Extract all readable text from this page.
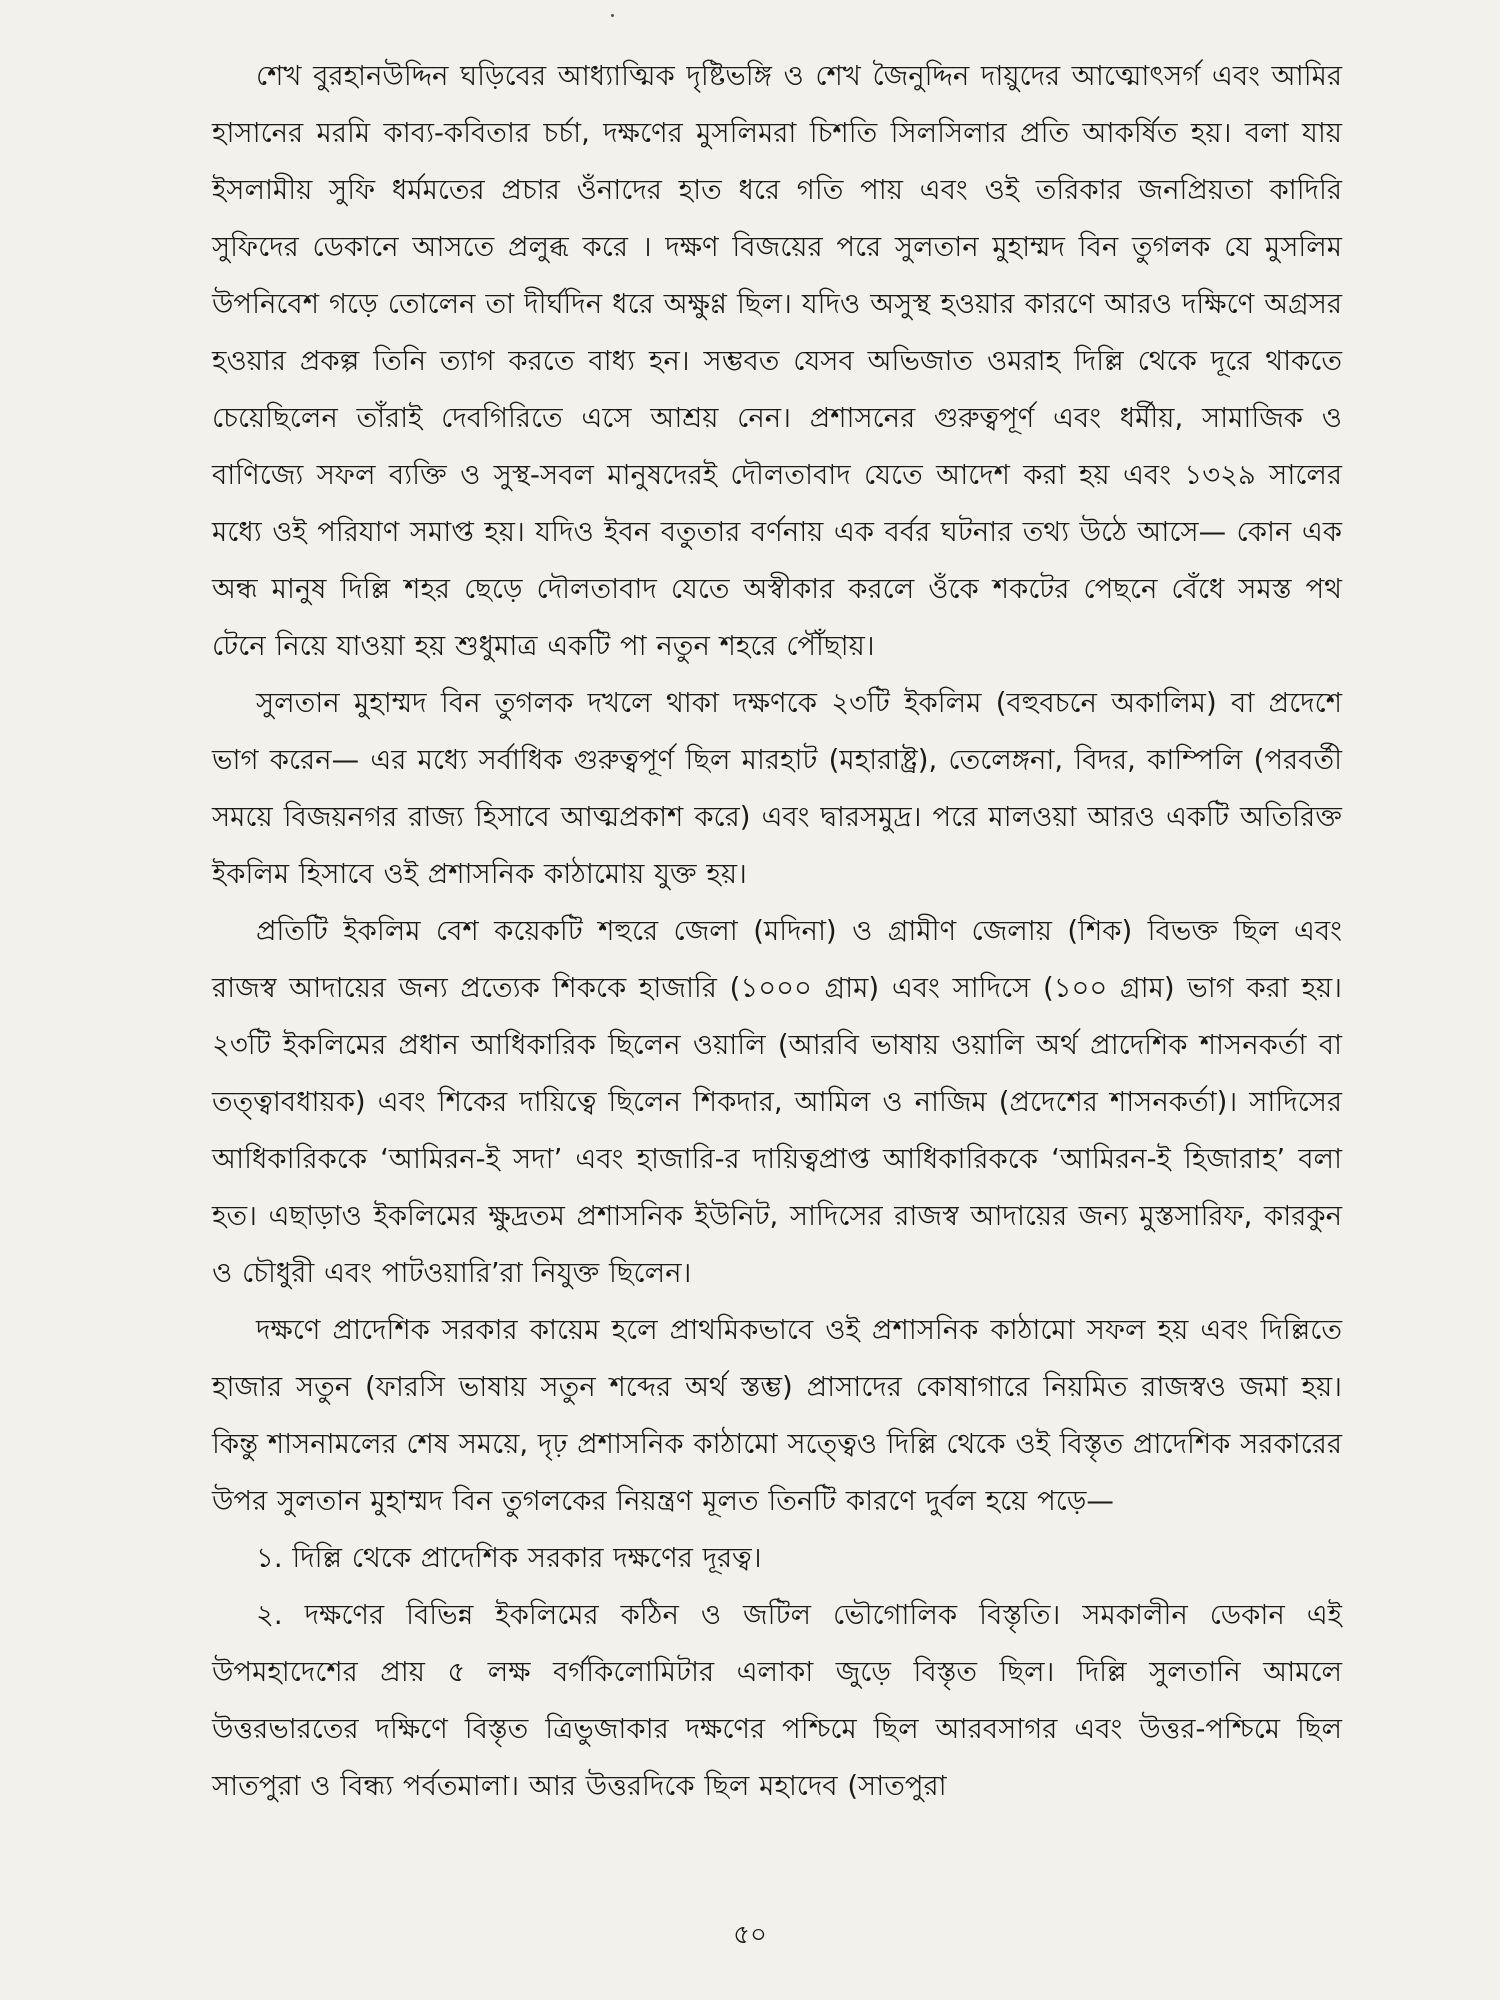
শেখ বুরহানউদ্দিন ঘড়িবের আধ্যাত্মিক দৃষ্টিভঙ্গি ও শেখ জৈনুদ্দিন দায়ুদের আত্মোৎসর্গ এবং আমির হাসানের মরমি কাব্য-কবিতার চর্চা, দক্ষণের মুসলিমরা চিশতি সিলসিলার প্রতি আকর্ষিত হয়। বলা যায় ইসলামীয় সুফি ধর্মমতের প্রচার ওঁনাদের হাত ধরে গতি পায় এবং ওই তরিকার জনপ্রিয়তা কাদিরি সুফিদের ডেকানে আসতে প্রলুব্ধ করে । দক্ষণ বিজয়ের পরে সুলতান মুহাম্মদ বিন তুগলক যে মুসলিম উপনিবেশ গড়ে তোলেন তা দীর্ঘদিন ধরে অক্ষুণ্ণ ছিল। যদিও অসুস্থ হওয়ার কারণে আরও দক্ষিণে অগ্রসর হওয়ার প্রকল্প তিনি ত্যাগ করতে বাধ্য হন। সম্ভবত যেসব অভিজাত ওমরাহ দিল্লি থেকে দূরে থাকতে চেয়েছিলেন তাঁরাই দেবগিরিতে এসে আশ্রয় নেন। প্রশাসনের গুরুত্বপূর্ণ এবং ধর্মীয়, সামাজিক ও বাণিজ্যে সফল ব্যক্তি ও সুস্থ-সবল মানুষদেরই দৌলতাবাদ যেতে আদেশ করা হয় এবং ১৩২৯ সালের মধ্যে ওই পরিযাণ সমাপ্ত হয়। যদিও ইবন বতুতার বর্ণনায় এক বর্বর ঘটনার তথ্য উঠে আসে— কোন এক অন্ধ মানুষ দিল্লি শহর ছেড়ে দৌলতাবাদ যেতে অস্বীকার করলে ওঁকে শকটের পেছনে বেঁধে সমস্ত পথ টেনে নিয়ে যাওয়া হয় শুধুমাত্র একটি পা নতুন শহরে পৌঁছায়।

সুলতান মুহাম্মদ বিন তুগলক দখলে থাকা দক্ষণকে ২৩টি ইকলিম (বহুবচনে অকালিম) বা প্রদেশে ভাগ করেন— এর মধ্যে সর্বাধিক গুরুত্বপূর্ণ ছিল মারহাট (মহারাষ্ট্র), তেলেঙ্গনা, বিদর, কাম্পিলি (পরবর্তী সময়ে বিজয়নগর রাজ্য হিসাবে আত্মপ্রকাশ করে) এবং দ্বারসমুদ্র। পরে মালওয়া আরও একটি অতিরিক্ত ইকলিম হিসাবে ওই প্রশাসনিক কাঠামোয় যুক্ত হয়।

প্রতিটি ইকলিম বেশ কয়েকটি শহুরে জেলা (মদিনা) ও গ্রামীণ জেলায় (শিক) বিভক্ত ছিল এবং রাজস্ব আদায়ের জন্য প্রত্যেক শিককে হাজারি (১০০০ গ্রাম) এবং সাদিসে (১০০ গ্রাম) ভাগ করা হয়। ২৩টি ইকলিমের প্রধান আধিকারিক ছিলেন ওয়ালি (আরবি ভাষায় ওয়ালি অর্থ প্রাদেশিক শাসনকর্তা বা তত্ত্বাবধায়ক) এবং শিকের দায়িত্বে ছিলেন শিকদার, আমিল ও নাজিম (প্রদেশের শাসনকর্তা)। সাদিসের আধিকারিককে ‘আমিরন-ই সদা’ এবং হাজারি-র দায়িত্বপ্রাপ্ত আধিকারিককে ‘আমিরন-ই হিজারাহ’ বলা হত। এছাড়াও ইকলিমের ক্ষুদ্রতম প্রশাসনিক ইউনিট, সাদিসের রাজস্ব আদায়ের জন্য মুস্তসারিফ, কারকুন ও চৌধুরী এবং পাটওয়ারি’রা নিযুক্ত ছিলেন।

দক্ষণে প্রাদেশিক সরকার কায়েম হলে প্রাথমিকভাবে ওই প্রশাসনিক কাঠামো সফল হয় এবং দিল্লিতে হাজার সতুন (ফারসি ভাষায় সতুন শব্দের অর্থ স্তম্ভ) প্রাসাদের কোষাগারে নিয়মিত রাজস্বও জমা হয়। কিন্তু শাসনামলের শেষ সময়ে, দৃঢ় প্রশাসনিক কাঠামো সত্ত্বেও দিল্লি থেকে ওই বিস্তৃত প্রাদেশিক সরকারের উপর সুলতান মুহাম্মদ বিন তুগলকের নিয়ন্ত্রণ মূলত তিনটি কারণে দুর্বল হয়ে পড়ে—

১. দিল্লি থেকে প্রাদেশিক সরকার দক্ষণের দূরত্ব।

২. দক্ষণের বিভিন্ন ইকলিমের কঠিন ও জটিল ভৌগোলিক বিস্তৃতি। সমকালীন ডেকান এই উপমহাদেশের প্রায় ৫ লক্ষ বর্গকিলোমিটার এলাকা জুড়ে বিস্তৃত ছিল। দিল্লি সুলতানি আমলে উত্তরভারতের দক্ষিণে বিস্তৃত ত্রিভুজাকার দক্ষণের পশ্চিমে ছিল আরবসাগর এবং উত্তর-পশ্চিমে ছিল সাতপুরা ও বিন্ধ্য পর্বতমালা। আর উত্তরদিকে ছিল মহাদেব (সাতপুরা

৫০
